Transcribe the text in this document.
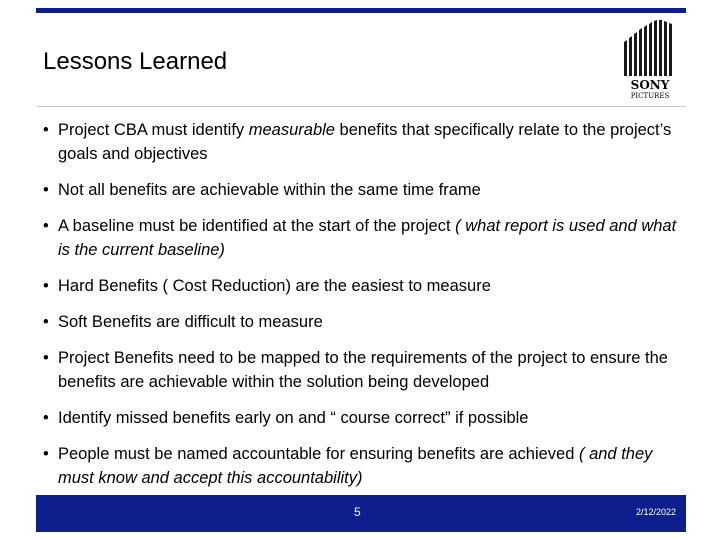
Lessons Learned
SONY
PICTURES
• Project CBA must identify measurable benefits that specifically relate to the project’s goals and objectives
• Not all benefits are achievable within the same time frame
• A baseline must be identified at the start of the project ( what report is used and what is the current baseline)
• Hard Benefits ( Cost Reduction) are the easiest to measure
• Soft Benefits are difficult to measure
• Project Benefits need to be mapped to the requirements of the project to ensure the benefits are achievable within the solution being developed
• Identify missed benefits early on and “ course correct” if possible
• People must be named accountable for ensuring benefits are achieved ( and they must know and accept this accountability)
5	2/12/2022
